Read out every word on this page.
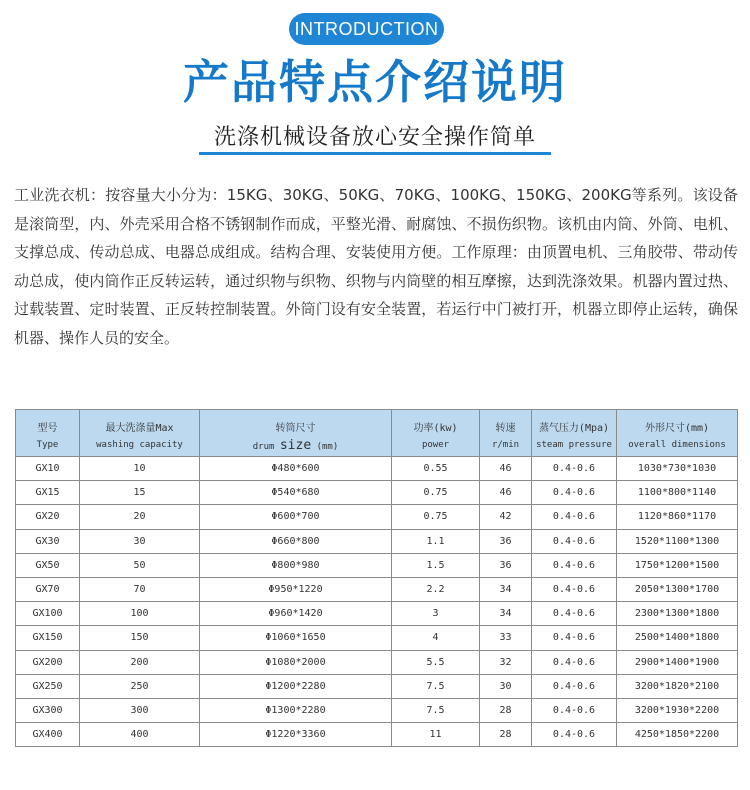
INTRODUCTION
产品特点介绍说明
洗涤机械设备放心安全操作简单
工业洗衣机：按容量大小分为：15KG、30KG、50KG、70KG、100KG、150KG、200KG等系列。该设备是滚筒型，内、外壳采用合格不锈钢制作而成，平整光滑、耐腐蚀、不损伤织物。该机由内筒、外筒、电机、支撑总成、传动总成、电器总成组成。结构合理、安装使用方便。工作原理：由顶置电机、三角胶带、带动传动总成，使内筒作正反转运转，通过织物与织物、织物与内筒壁的相互摩擦，达到洗涤效果。机器内置过热、过载装置、定时装置、正反转控制装置。外筒门设有安全装置，若运行中门被打开，机器立即停止运转，确保机器、操作人员的安全。
型号	最大洗涤量Max	转筒尺寸	功率(kw)	转速	蒸气压力(Mpa)	外形尺寸(mm)
Type	washing capacity	drum size (mm)	power	r/min	steam pressure	overall dimensions
GX10	10	Φ480*600	0.55	46	0.4-0.6	1030*730*1030
GX15	15	Φ540*680	0.75	46	0.4-0.6	1100*800*1140
GX20	20	Φ600*700	0.75	42	0.4-0.6	1120*860*1170
GX30	30	Φ660*800	1.1	36	0.4-0.6	1520*1100*1300
GX50	50	Φ800*980	1.5	36	0.4-0.6	1750*1200*1500
GX70	70	Φ950*1220	2.2	34	0.4-0.6	2050*1300*1700
GX100	100	Φ960*1420	3	34	0.4-0.6	2300*1300*1800
GX150	150	Φ1060*1650	4	33	0.4-0.6	2500*1400*1800
GX200	200	Φ1080*2000	5.5	32	0.4-0.6	2900*1400*1900
GX250	250	Φ1200*2280	7.5	30	0.4-0.6	3200*1820*2100
GX300	300	Φ1300*2280	7.5	28	0.4-0.6	3200*1930*2200
GX400	400	Φ1220*3360	11	28	0.4-0.6	4250*1850*2200
